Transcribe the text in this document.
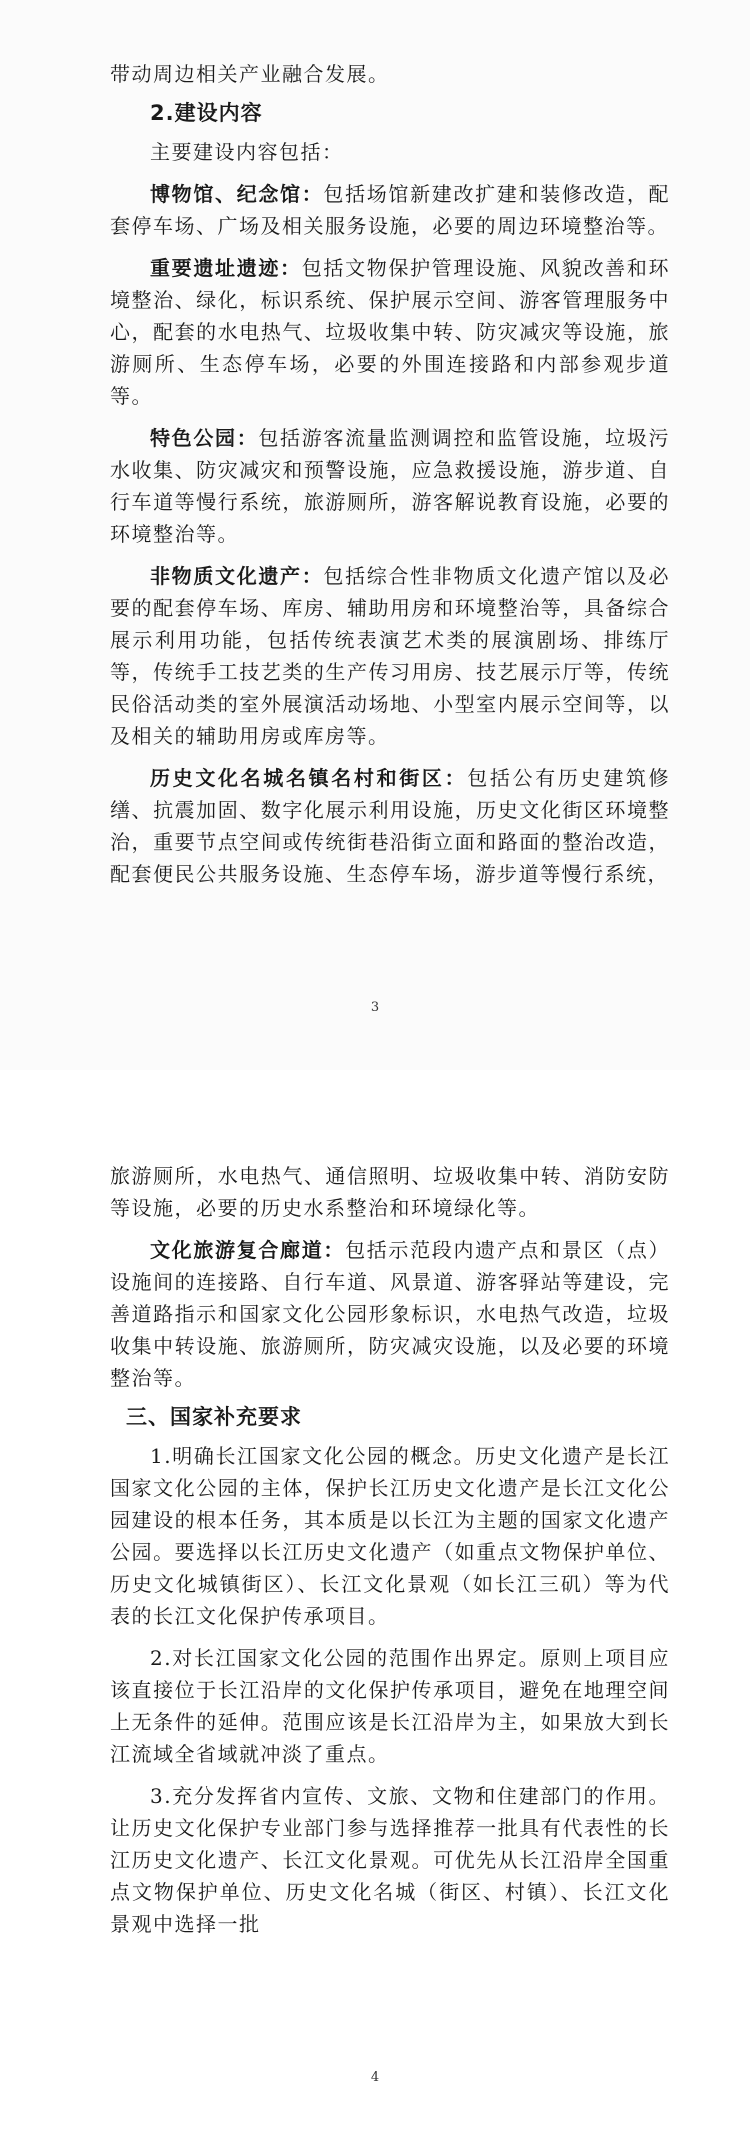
带动周边相关产业融合发展。

2.建设内容

主要建设内容包括：

博物馆、纪念馆：包括场馆新建改扩建和装修改造，配套停车场、广场及相关服务设施，必要的周边环境整治等。

重要遗址遗迹：包括文物保护管理设施、风貌改善和环境整治、绿化，标识系统、保护展示空间、游客管理服务中心，配套的水电热气、垃圾收集中转、防灾减灾等设施，旅游厕所、生态停车场，必要的外围连接路和内部参观步道等。

特色公园：包括游客流量监测调控和监管设施，垃圾污水收集、防灾减灾和预警设施，应急救援设施，游步道、自行车道等慢行系统，旅游厕所，游客解说教育设施，必要的环境整治等。

非物质文化遗产：包括综合性非物质文化遗产馆以及必要的配套停车场、库房、辅助用房和环境整治等，具备综合展示利用功能，包括传统表演艺术类的展演剧场、排练厅等，传统手工技艺类的生产传习用房、技艺展示厅等，传统民俗活动类的室外展演活动场地、小型室内展示空间等，以及相关的辅助用房或库房等。

历史文化名城名镇名村和街区：包括公有历史建筑修缮、抗震加固、数字化展示利用设施，历史文化街区环境整治，重要节点空间或传统街巷沿街立面和路面的整治改造，配套便民公共服务设施、生态停车场，游步道等慢行系统，

3

旅游厕所，水电热气、通信照明、垃圾收集中转、消防安防等设施，必要的历史水系整治和环境绿化等。

文化旅游复合廊道：包括示范段内遗产点和景区（点）设施间的连接路、自行车道、风景道、游客驿站等建设，完善道路指示和国家文化公园形象标识，水电热气改造，垃圾收集中转设施、旅游厕所，防灾减灾设施，以及必要的环境整治等。

三、国家补充要求

1.明确长江国家文化公园的概念。历史文化遗产是长江国家文化公园的主体，保护长江历史文化遗产是长江文化公园建设的根本任务，其本质是以长江为主题的国家文化遗产公园。要选择以长江历史文化遗产（如重点文物保护单位、历史文化城镇街区）、长江文化景观（如长江三矶）等为代表的长江文化保护传承项目。

2.对长江国家文化公园的范围作出界定。原则上项目应该直接位于长江沿岸的文化保护传承项目，避免在地理空间上无条件的延伸。范围应该是长江沿岸为主，如果放大到长江流域全省域就冲淡了重点。

3.充分发挥省内宣传、文旅、文物和住建部门的作用。让历史文化保护专业部门参与选择推荐一批具有代表性的长江历史文化遗产、长江文化景观。可优先从长江沿岸全国重点文物保护单位、历史文化名城（街区、村镇）、长江文化景观中选择一批

4
